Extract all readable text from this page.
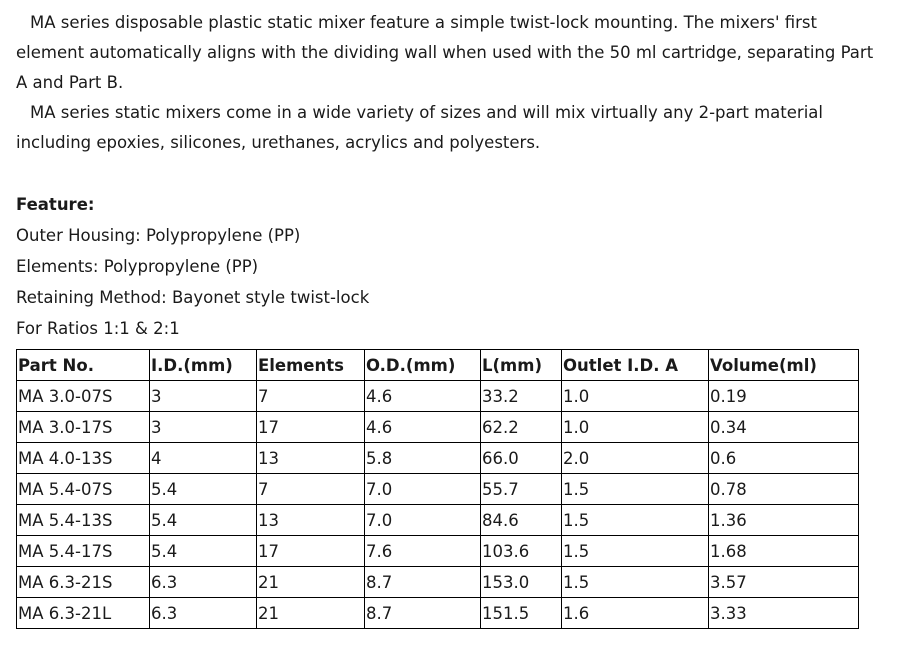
MA series disposable plastic static mixer feature a simple twist-lock mounting. The mixers' first element automatically aligns with the dividing wall when used with the 50 ml cartridge, separating Part A and Part B.

MA series static mixers come in a wide variety of sizes and will mix virtually any 2-part material including epoxies, silicones, urethanes, acrylics and polyesters.

Feature:

Outer Housing: Polypropylene (PP)

Elements: Polypropylene (PP)

Retaining Method: Bayonet style twist-lock

For Ratios 1:1 & 2:1

Part No.	I.D.(mm)	Elements	O.D.(mm)	L(mm)	Outlet I.D. A	Volume(ml)
MA 3.0-07S	3	7	4.6	33.2	1.0	0.19
MA 3.0-17S	3	17	4.6	62.2	1.0	0.34
MA 4.0-13S	4	13	5.8	66.0	2.0	0.6
MA 5.4-07S	5.4	7	7.0	55.7	1.5	0.78
MA 5.4-13S	5.4	13	7.0	84.6	1.5	1.36
MA 5.4-17S	5.4	17	7.6	103.6	1.5	1.68
MA 6.3-21S	6.3	21	8.7	153.0	1.5	3.57
MA 6.3-21L	6.3	21	8.7	151.5	1.6	3.33
